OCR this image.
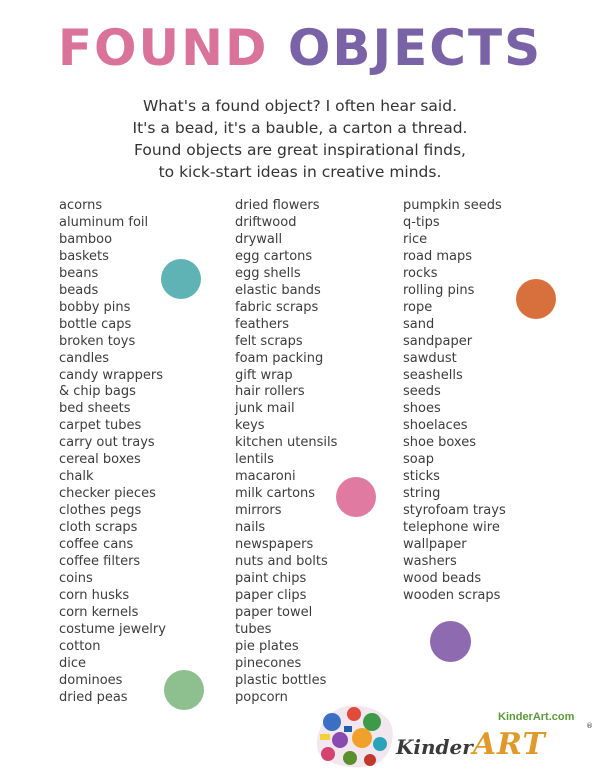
FOUND OBJECTS
What's a found object? I often hear said.
It's a bead, it's a bauble, a carton a thread.
Found objects are great inspirational finds,
to kick-start ideas in creative minds.
acorns
aluminum foil
bamboo
baskets
beans
beads
bobby pins
bottle caps
broken toys
candles
candy wrappers
& chip bags
bed sheets
carpet tubes
carry out trays
cereal boxes
chalk
checker pieces
clothes pegs
cloth scraps
coffee cans
coffee filters
coins
corn husks
corn kernels
costume jewelry
cotton
dice
dominoes
dried peas
dried flowers
driftwood
drywall
egg cartons
egg shells
elastic bands
fabric scraps
feathers
felt scraps
foam packing
gift wrap
hair rollers
junk mail
keys
kitchen utensils
lentils
macaroni
milk cartons
mirrors
nails
newspapers
nuts and bolts
paint chips
paper clips
paper towel
tubes
pie plates
pinecones
plastic bottles
popcorn
pumpkin seeds
q-tips
rice
road maps
rocks
rolling pins
rope
sand
sandpaper
sawdust
seashells
seeds
shoes
shoelaces
shoe boxes
soap
sticks
string
styrofoam trays
telephone wire
wallpaper
washers
wood beads
wooden scraps
KinderArt.com
KinderART
®
